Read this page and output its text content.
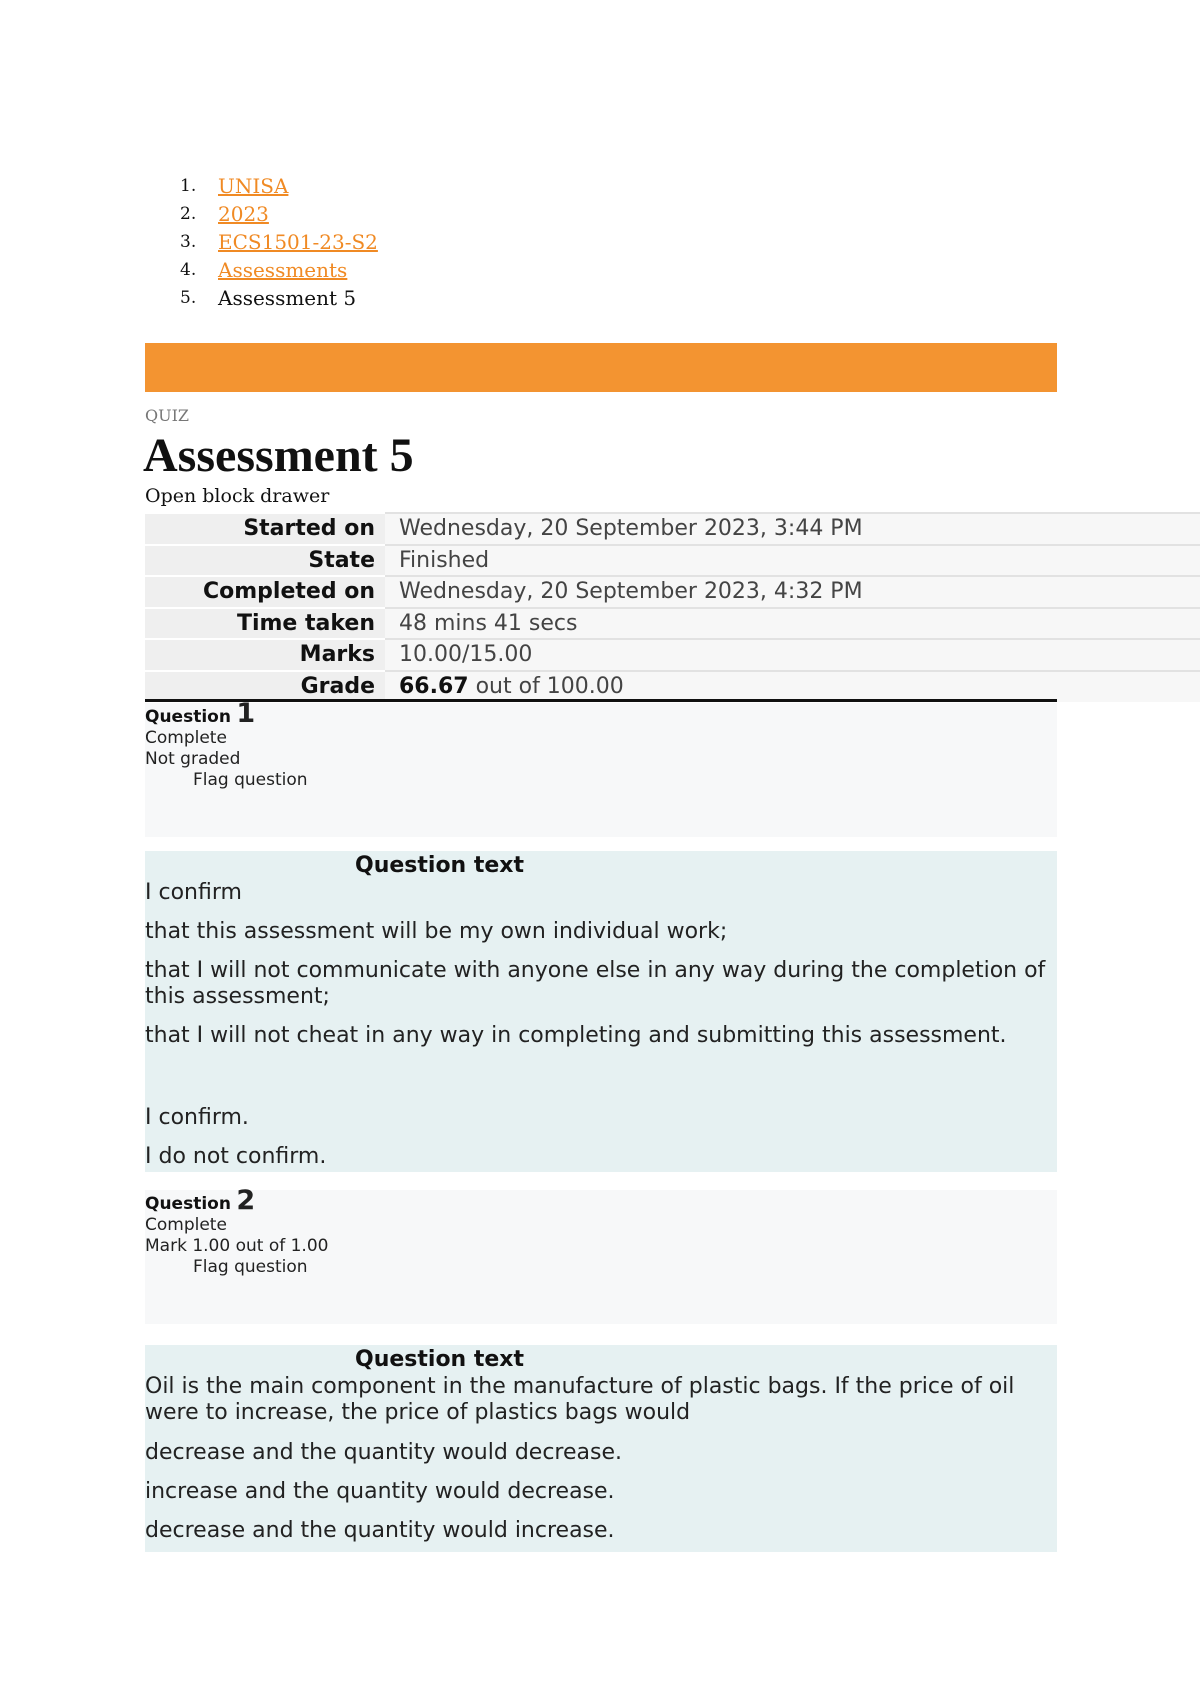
1.	UNISA
2.	2023
3.	ECS1501-23-S2
4.	Assessments
5.	Assessment 5
QUIZ
Assessment 5
Open block drawer
Started on	Wednesday, 20 September 2023, 3:44 PM
State	Finished
Completed on	Wednesday, 20 September 2023, 4:32 PM
Time taken	48 mins 41 secs
Marks	10.00/15.00
Grade	66.67 out of 100.00
Question 1
Complete
Not graded
Flag question
Question text

I confirm

that this assessment will be my own individual work;

that I will not communicate with anyone else in any way during the completion of this assessment;

that I will not cheat in any way in completing and submitting this assessment.

I confirm.

I do not confirm.

Question 2
Complete
Mark 1.00 out of 1.00
Flag question
Question text

Oil is the main component in the manufacture of plastic bags. If the price of oil were to increase, the price of plastics bags would

decrease and the quantity would decrease.

increase and the quantity would decrease.

decrease and the quantity would increase.
